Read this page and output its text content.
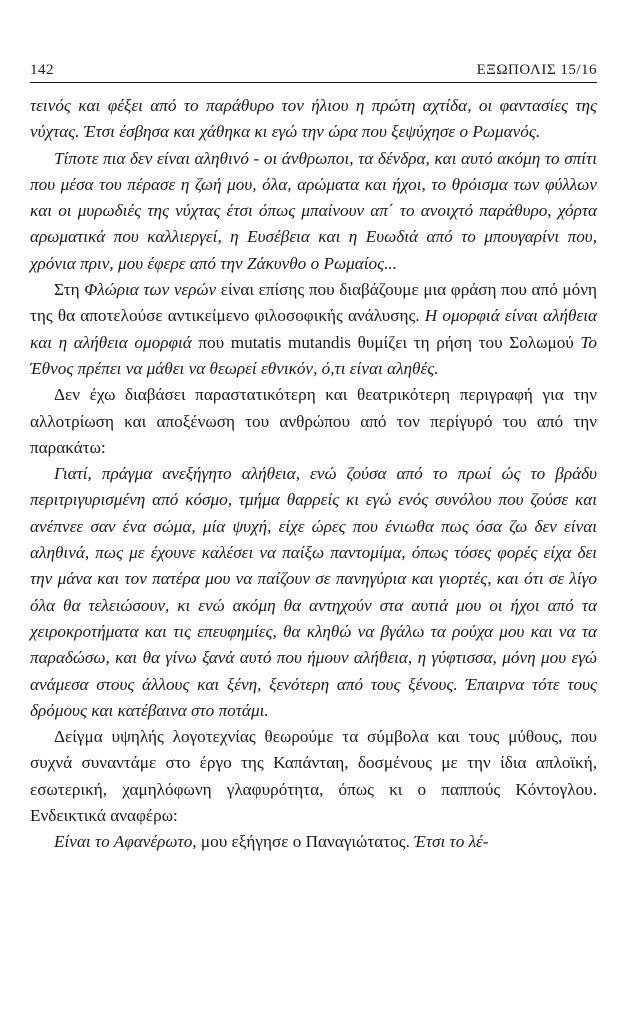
142	ΕΞΩΠΟΛΙΣ 15/16

τεινός και φέξει από το παράθυρο τον ήλιου η πρώτη αχτίδα, οι φαντασίες της νύχτας. Έτσι έσβησα και χάθηκα κι εγώ την ώρα που ξεψύχησε ο Ρωμανός.

Τίποτε πια δεν είναι αληθινό - οι άνθρωποι, τα δένδρα, και αυτό ακόμη το σπίτι που μέσα του πέρασε η ζωή μου, όλα, αρώματα και ήχοι, το θρόισμα των φύλλων και οι μυρωδιές της νύχτας έτσι όπως μπαίνουν απ΄ το ανοιχτό παράθυρο, χόρτα αρωματικά που καλλιεργεί, η Ευσέβεια και η Ευωδιά από το μπουγαρίνι που, χρόνια πριν, μου έφερε από την Ζάκυνθο ο Ρωμαίος...

Στη Φλώρια των νερών είναι επίσης που διαβάζουμε μια φράση που από μόνη της θα αποτελούσε αντικείμενο φιλοσοφικής ανάλυσης. Η ομορφιά είναι αλήθεια και η αλήθεια ομορφιά που mutatis mutandis θυμίζει τη ρήση του Σολωμού Το Έθνος πρέπει να μάθει να θεωρεί εθνικόν, ό,τι είναι αληθές.

Δεν έχω διαβάσει παραστατικότερη και θεατρικότερη περιγραφή για την αλλοτρίωση και αποξένωση του ανθρώπου από τον περίγυρό του από την παρακάτω:

Γιατί, πράγμα ανεξήγητο αλήθεια, ενώ ζούσα από το πρωί ώς το βράδυ περιτριγυρισμένη από κόσμο, τμήμα θαρρείς κι εγώ ενός συνόλου που ζούσε και ανέπνεε σαν ένα σώμα, μία ψυχή, είχε ώρες που ένιωθα πως όσα ζω δεν είναι αληθινά, πως με έχουνε καλέσει να παίξω παντομίμα, όπως τόσες φορές είχα δει την μάνα και τον πατέρα μου να παίζουν σε πανηγύρια και γιορτές, και ότι σε λίγο όλα θα τελειώσουν, κι ενώ ακόμη θα αντηχούν στα αυτιά μου οι ήχοι από τα χειροκροτήματα και τις επευφημίες, θα κληθώ να βγάλω τα ρούχα μου και να τα παραδώσω, και θα γίνω ξανά αυτό που ήμουν αλήθεια, η γύφτισσα, μόνη μου εγώ ανάμεσα στους άλλους και ξένη, ξενότερη από τους ξένους. Έπαιρνα τότε τους δρόμους και κατέβαινα στο ποτάμι.

Δείγμα υψηλής λογοτεχνίας θεωρούμε τα σύμβολα και τους μύθους, που συχνά συναντάμε στο έργο της Καπάνταη, δοσμένους με την ίδια απλοϊκή, εσωτερική, χαμηλόφωνη γλαφυρότητα, όπως κι ο παππούς Κόντογλου. Ενδεικτικά αναφέρω:

Είναι το Αφανέρωτο, μου εξήγησε ο Παναγιώτατος. Έτσι το λέ-
